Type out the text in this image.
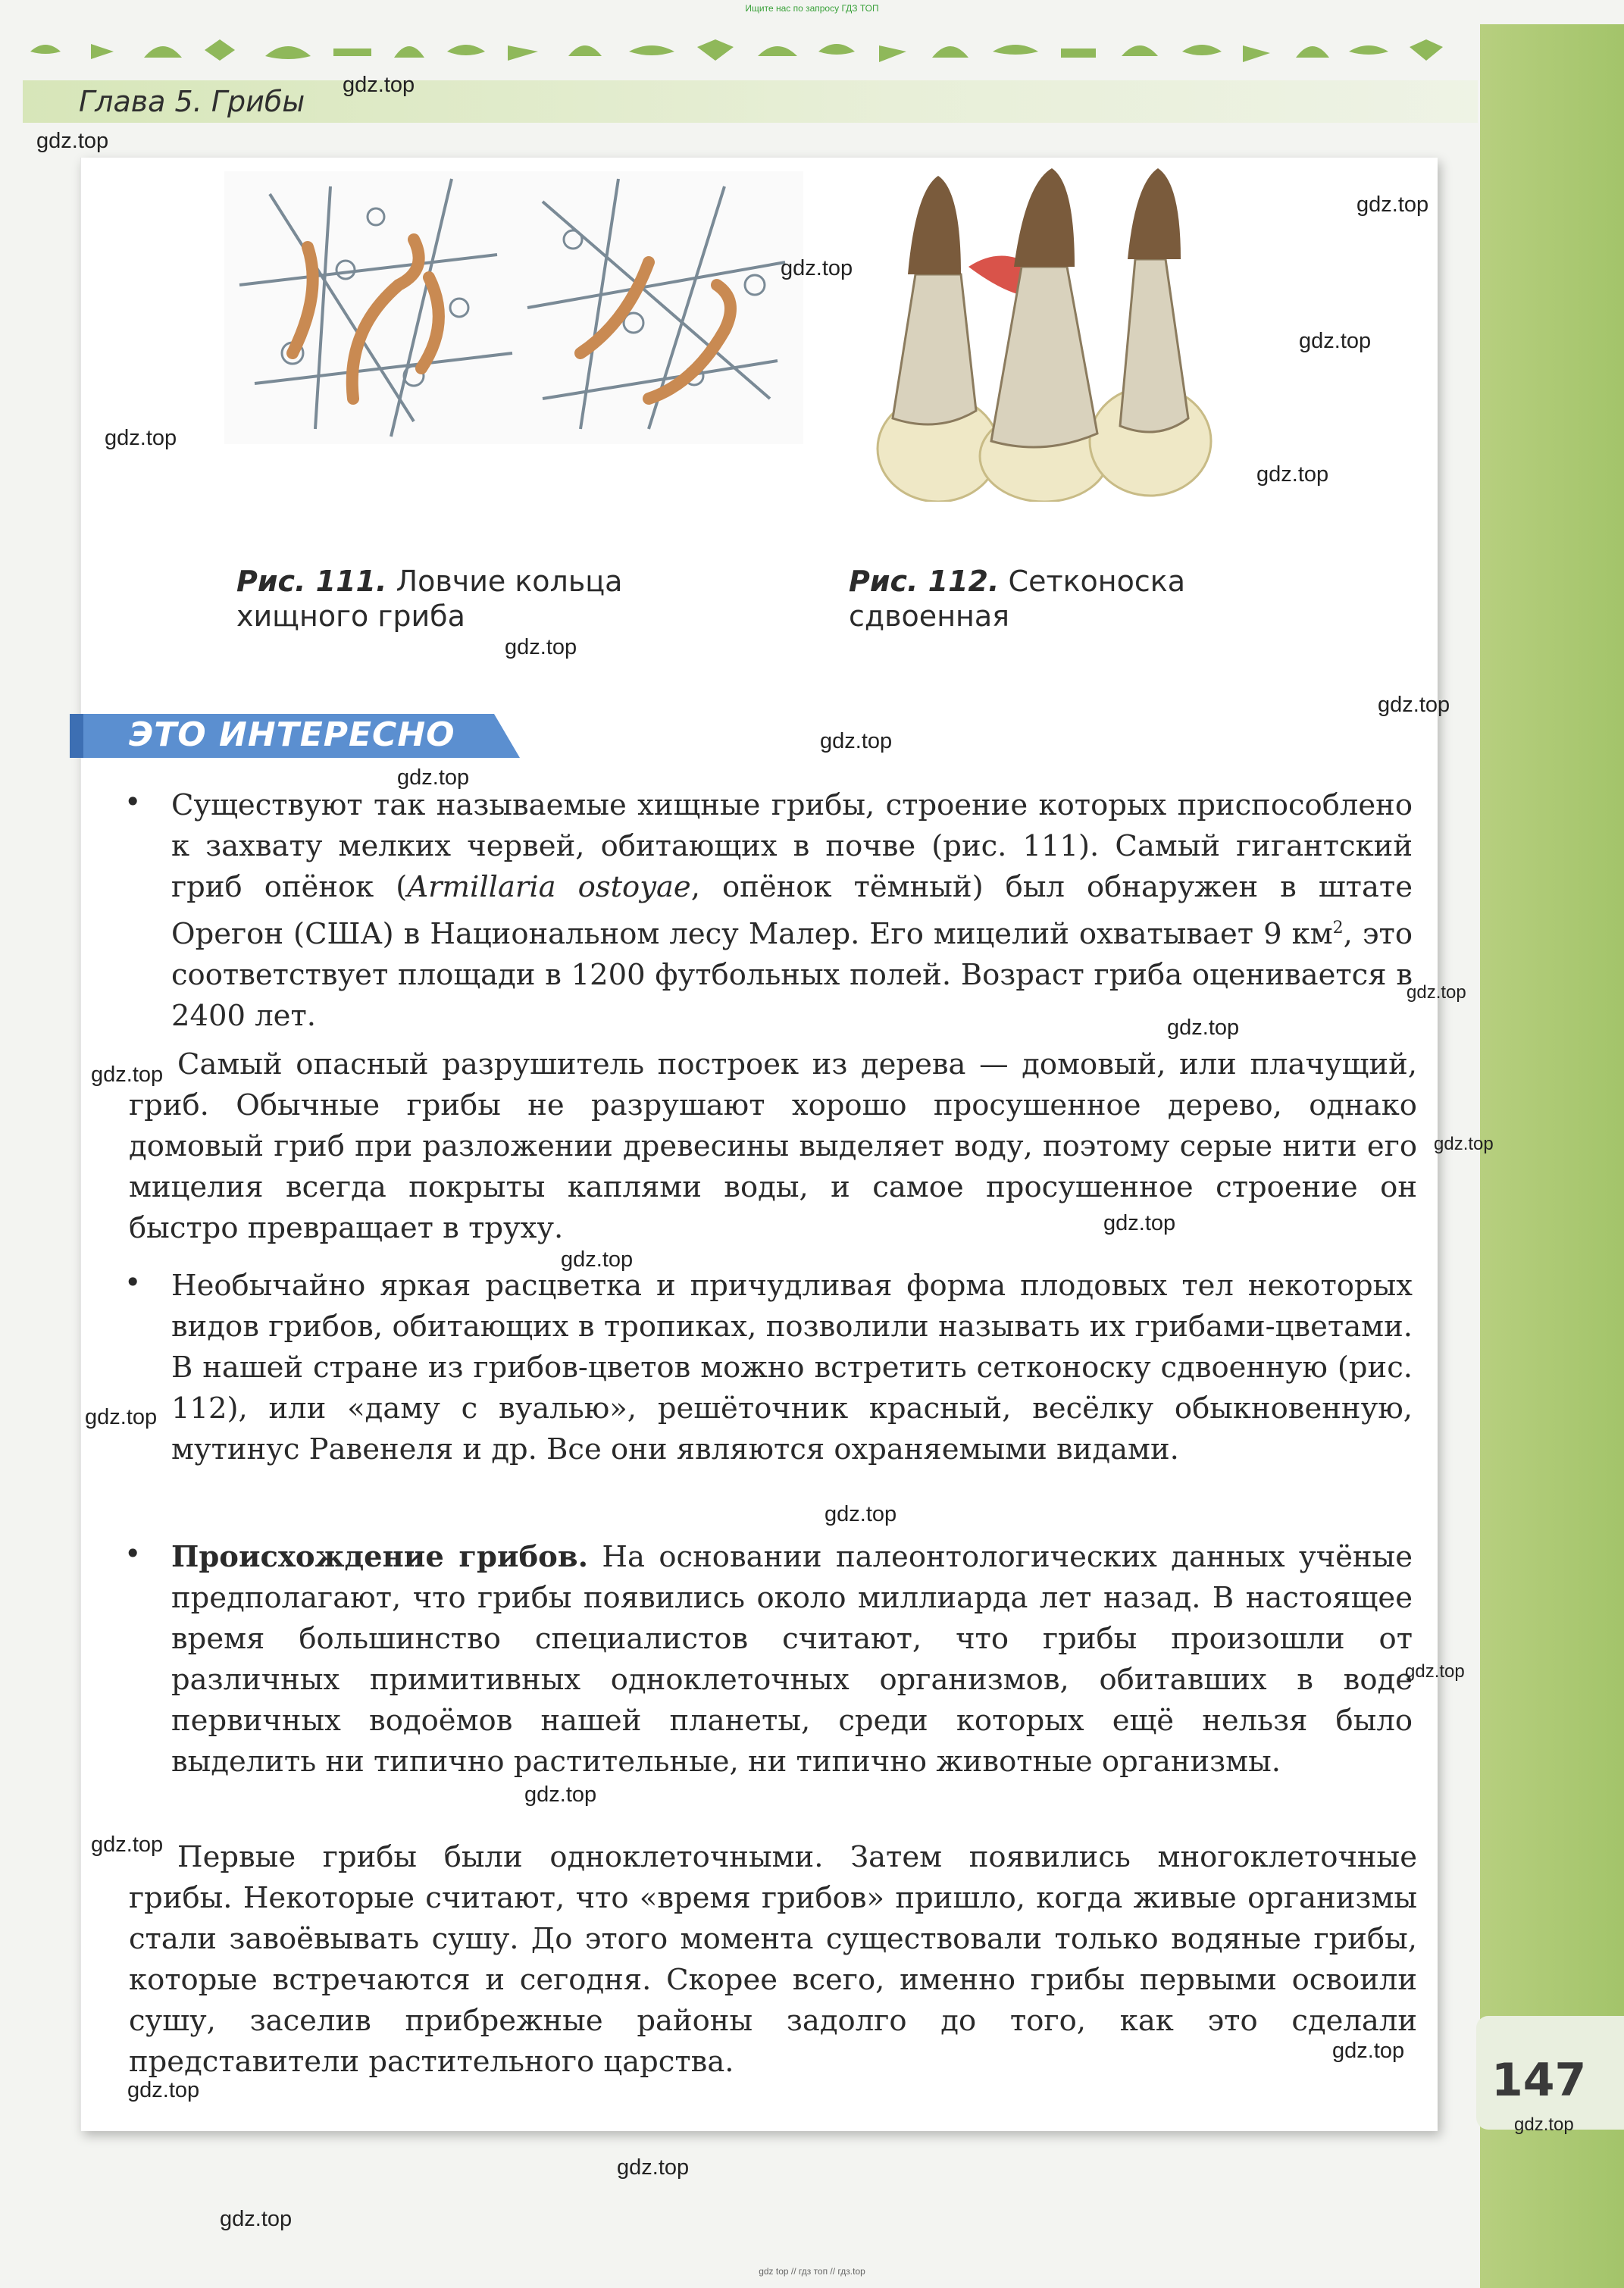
Ищите нас по запросу ГДЗ ТОП
Глава 5. Грибы
Рис. 111. Ловчие кольца
хищного гриба
Рис. 112. Сетконоска
сдвоенная
ЭТО ИНТЕРЕСНО
• Существуют так называемые хищные грибы, строение которых приспособлено к захвату мелких червей, обитающих в почве (рис. 111). Самый гигантский гриб опёнок (Armillaria ostoyae, опёнок тёмный) был обнаружен в штате Орегон (США) в Национальном лесу Малер. Его мицелий охватывает 9 $км^2$, это соответствует площади в 1200 футбольных полей. Возраст гриба оценивается в 2400 лет.
Самый опасный разрушитель построек из дерева — домовый, или плачущий, гриб. Обычные грибы не разрушают хорошо просушенное дерево, однако домовый гриб при разложении древесины выделяет воду, поэтому серые нити его мицелия всегда покрыты каплями воды, и самое просушенное строение он быстро превращает в труху.
• Необычайно яркая расцветка и причудливая форма плодовых тел некоторых видов грибов, обитающих в тропиках, позволили называть их грибами-цветами. В нашей стране из грибов-цветов можно встретить сетконоску сдвоенную (рис. 112), или «даму с вуалью», решёточник красный, весёлку обыкновенную, мутинус Равенеля и др. Все они являются охраняемыми видами.
• Происхождение грибов. На основании палеонтологических данных учёные предполагают, что грибы появились около миллиарда лет назад. В настоящее время большинство специалистов считают, что грибы произошли от различных примитивных одноклеточных организмов, обитавших в воде первичных водоёмов нашей планеты, среди которых ещё нельзя было выделить ни типично растительные, ни типично животные организмы.
Первые грибы были одноклеточными. Затем появились многоклеточные грибы. Некоторые считают, что «время грибов» пришло, когда живые организмы стали завоёвывать сушу. До этого момента существовали только водяные грибы, которые встречаются и сегодня. Скорее всего, именно грибы первыми освоили сушу, заселив прибрежные районы задолго до того, как это сделали представители растительного царства.	147
gdz.top
gdz.top
gdz.top
gdz.top
gdz.top
gdz.top
gdz.top
gdz.top
gdz.top
gdz.top
gdz.top
gdz.top
gdz.top
gdz.top
gdz.top
gdz.top
gdz.top
gdz.top
gdz.top
gdz.top
gdz.top
gdz.top
gdz.top
gdz.top
gdz.top
gdz.top
gdz.top
gdz top // гдз топ // гдз.top
